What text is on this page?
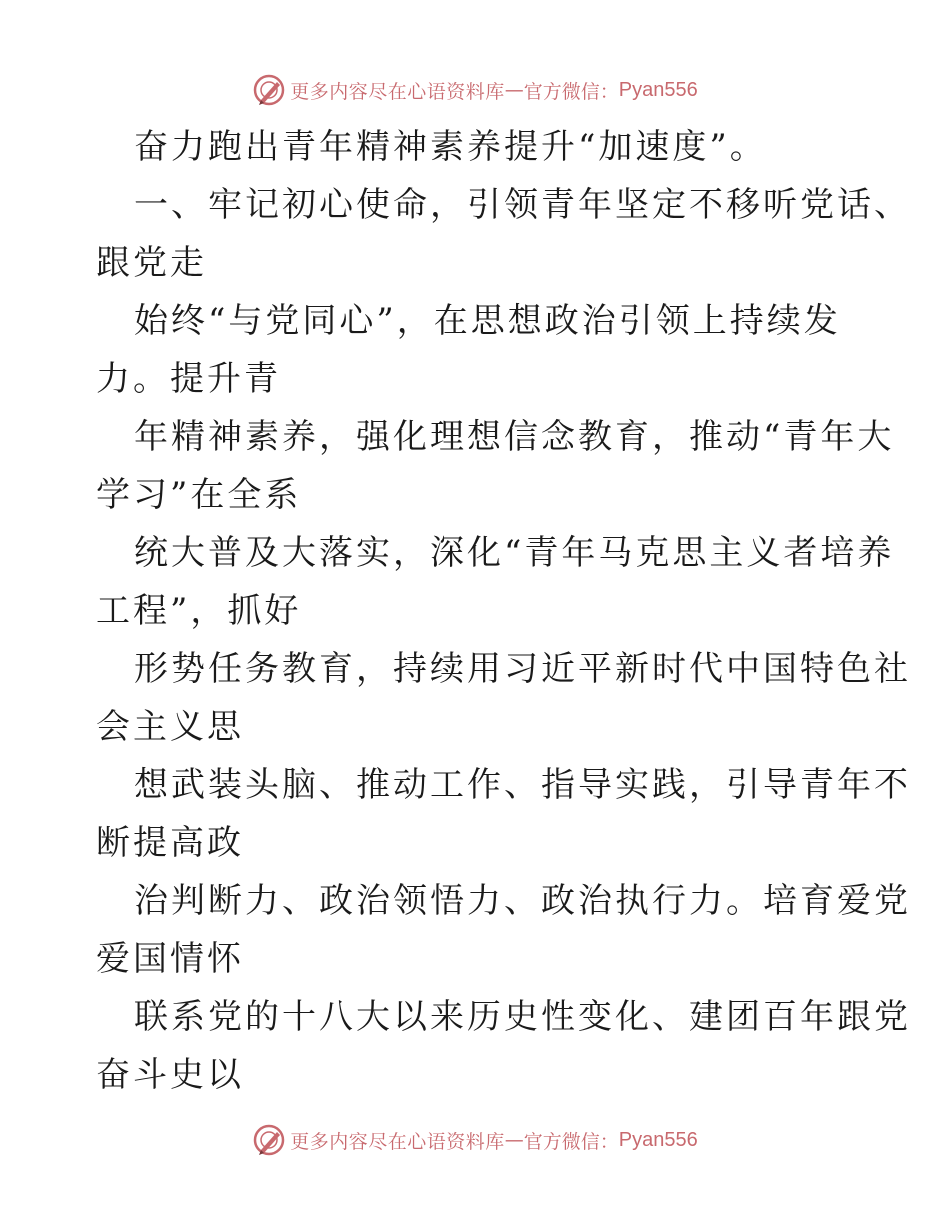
更多内容尽在心语资料库 — 官方微信： Pyan556
奋力跑出青年精神素养提升“加速度”。
一、牢记初心使命，引领青年坚定不移听党话、
跟党走
始终“与党同心”，在思想政治引领上持续发
力。提升青
年精神素养，强化理想信念教育，推动“青年大
学习”在全系
统大普及大落实，深化“青年马克思主义者培养
工程”，抓好
形势任务教育，持续用习近平新时代中国特色社
会主义思
想武装头脑、推动工作、指导实践，引导青年不
断提高政
治判断力、政治领悟力、政治执行力。培育爱党
爱国情怀
联系党的十八大以来历史性变化、建团百年跟党
奋斗史以
更多内容尽在心语资料库 — 官方微信： Pyan556
